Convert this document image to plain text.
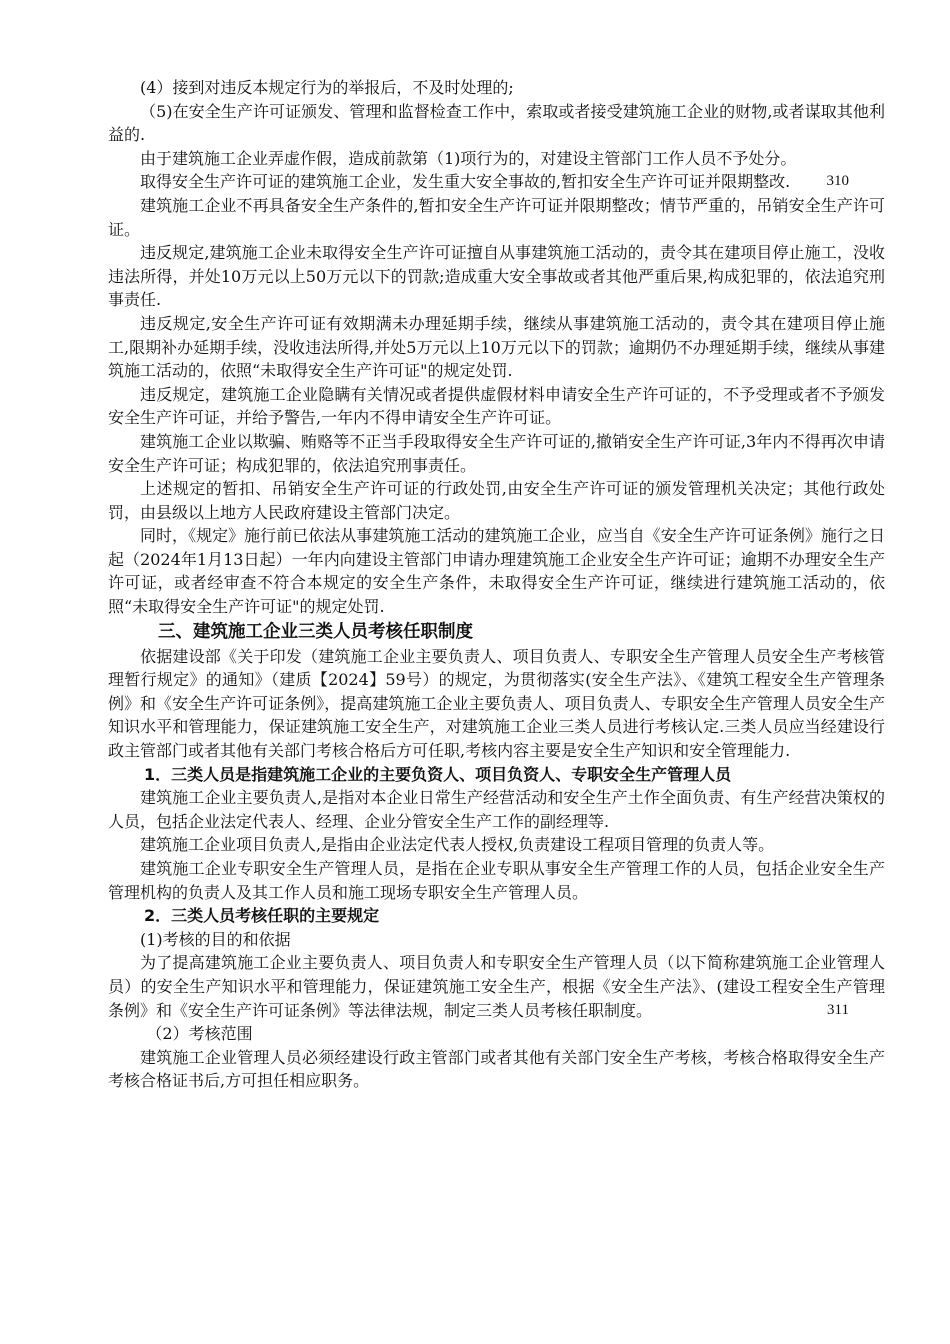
(4）接到对违反本规定行为的举报后，不及时处理的;

（5)在安全生产许可证颁发、管理和监督检查工作中，索取或者接受建筑施工企业的财物,或者谋取其他利益的.

由于建筑施工企业弄虚作假，造成前款第（1)项行为的，对建设主管部门工作人员不予处分。

取得安全生产许可证的建筑施工企业，发生重大安全事故的,暂扣安全生产许可证并限期整改. 310

建筑施工企业不再具备安全生产条件的,暂扣安全生产许可证并限期整改；情节严重的，吊销安全生产许可证。

违反规定,建筑施工企业未取得安全生产许可证擅自从事建筑施工活动的，责令其在建项目停止施工，没收违法所得，并处10万元以上50万元以下的罚款;造成重大安全事故或者其他严重后果,构成犯罪的，依法追究刑事责任.

违反规定,安全生产许可证有效期满未办理延期手续，继续从事建筑施工活动的，责令其在建项目停止施工,限期补办延期手续，没收违法所得,并处5万元以上10万元以下的罚款；逾期仍不办理延期手续，继续从事建筑施工活动的，依照“未取得安全生产许可证"的规定处罚.

违反规定，建筑施工企业隐瞒有关情况或者提供虚假材料申请安全生产许可证的，不予受理或者不予颁发安全生产许可证，并给予警告,一年内不得申请安全生产许可证。

建筑施工企业以欺骗、贿赂等不正当手段取得安全生产许可证的,撤销安全生产许可证,3年内不得再次申请安全生产许可证；构成犯罪的，依法追究刑事责任。

上述规定的暂扣、吊销安全生产许可证的行政处罚,由安全生产许可证的颁发管理机关决定；其他行政处罚，由县级以上地方人民政府建设主管部门决定。

同时，《规定》施行前已依法从事建筑施工活动的建筑施工企业，应当自《安全生产许可证条例》施行之日起（2024年1月13日起）一年内向建设主管部门申请办理建筑施工企业安全生产许可证；逾期不办理安全生产许可证，或者经审查不符合本规定的安全生产条件，未取得安全生产许可证，继续进行建筑施工活动的，依照“未取得安全生产许可证"的规定处罚.

三、建筑施工企业三类人员考核任职制度

依据建设部《关于印发（建筑施工企业主要负责人、项目负责人、专职安全生产管理人员安全生产考核管理暂行规定》的通知》（建质【2024】59号）的规定，为贯彻落实(安全生产法》、《建筑工程安全生产管理条例》和《安全生产许可证条例》，提高建筑施工企业主要负责人、项目负责人、专职安全生产管理人员安全生产知识水平和管理能力，保证建筑施工安全生产，对建筑施工企业三类人员进行考核认定.三类人员应当经建设行政主管部门或者其他有关部门考核合格后方可任职,考核内容主要是安全生产知识和安全管理能力.

1．三类人员是指建筑施工企业的主要负资人、项目负资人、专职安全生产管理人员

建筑施工企业主要负责人,是指对本企业日常生产经营活动和安全生产土作全面负责、有生产经营决策权的人员，包括企业法定代表人、经理、企业分管安全生产工作的副经理等.

建筑施工企业项目负责人,是指由企业法定代表人授权,负责建设工程项目管理的负责人等。

建筑施工企业专职安全生产管理人员，是指在企业专职从事安全生产管理工作的人员，包括企业安全生产管理机构的负责人及其工作人员和施工现场专职安全生产管理人员。

2．三类人员考核任职的主要规定

(1)考核的目的和依据

为了提高建筑施工企业主要负责人、项目负责人和专职安全生产管理人员（以下简称建筑施工企业管理人员）的安全生产知识水平和管理能力，保证建筑施工安全生产，根据《安全生产法》、(建设工程安全生产管理条例》和《安全生产许可证条例》等法律法规，制定三类人员考核任职制度。	311

（2）考核范围

建筑施工企业管理人员必须经建设行政主管部门或者其他有关部门安全生产考核，考核合格取得安全生产考核合格证书后,方可担任相应职务。
